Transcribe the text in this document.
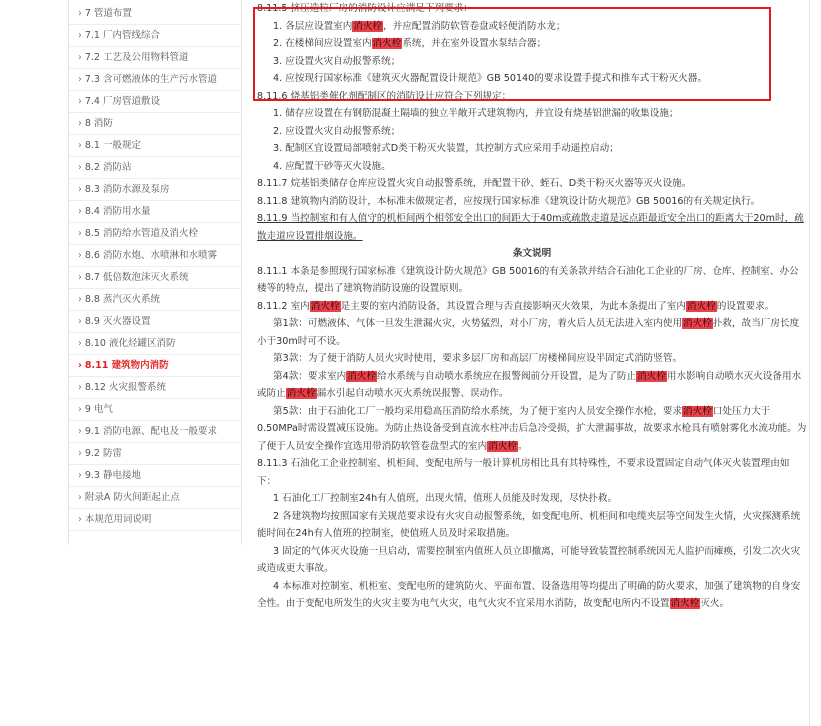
› 7 管道布置
› 7.1 厂内管线综合
› 7.2 工艺及公用物料管道
› 7.3 含可燃液体的生产污水管道
› 7.4 厂房管道敷设
› 8 消防
› 8.1 一般规定
› 8.2 消防站
› 8.3 消防水源及泵房
› 8.4 消防用水量
› 8.5 消防给水管道及消火栓
› 8.6 消防水炮、水喷淋和水喷雾
› 8.7 低倍数泡沫灭火系统
› 8.8 蒸汽灭火系统
› 8.9 灭火器设置
› 8.10 液化烃罐区消防
› 8.11 建筑物内消防
› 8.12 火灾报警系统
› 9 电气
› 9.1 消防电源、配电及一般要求
› 9.2 防雷
› 9.3 静电接地
› 附录A 防火间距起止点
› 本规范用词说明

8.11.5 挤压造粒厂房的消防设计应满足下列要求：

1. 各层应设置室内消火栓，并应配置消防软管卷盘或轻便消防水龙；

2. 在楼梯间应设置室内消火栓系统，并在室外设置水泵结合器；

3. 应设置火灾自动报警系统；

4. 应按现行国家标准《建筑灭火器配置设计规范》GB 50140的要求设置手提式和推车式干粉灭火器。

8.11.6 烧基铝类催化剂配制区的消防设计应符合下列规定：

1. 储存应设置在有钢筋混凝土隔墙的独立半敞开式建筑物内，并宜设有烧基铝泄漏的收集设施；

2. 应设置火灾自动报警系统；

3. 配制区宜设置局部喷射式D类干粉灭火装置，其控制方式应采用手动遥控启动；

4. 应配置干砂等灭火设施。

8.11.7 烷基铝类储存仓库应设置火灾自动报警系统，并配置干砂、蛭石、D类干粉灭火器等灭火设施。

8.11.8 建筑物内消防设计，本标准未做规定者，应按现行国家标准《建筑设计防火规范》GB 50016的有关规定执行。

8.11.9 当控制室和有人值守的机柜间两个相邻安全出口的间距大于40m或疏散走道是远点距最近安全出口的距离大于20m时，疏散走道应设置排烟设施。

条文说明

8.11.1 本条是参照现行国家标准《建筑设计防火规范》GB 50016的有关条款并结合石油化工企业的厂房、仓库、控制室、办公楼等的特点，提出了建筑物消防设施的设置原则。

8.11.2 室内消火栓是主要的室内消防设备，其设置合理与否直接影响灭火效果，为此本条提出了室内消火栓的设置要求。

第1款：可燃液体、气体一旦发生泄漏火灾，火势猛烈，对小厂房，着火后人员无法进入室内使用消火栓扑救，故当厂房长度小于30m时可不设。

第3款：为了便于消防人员火灾时使用，要求多层厂房和高层厂房楼梯间应设半固定式消防竖管。

第4款：要求室内消火栓给水系统与自动喷水系统应在报警阀前分开设置，是为了防止消火栓用水影响自动喷水灭火设备用水或防止消火栓漏水引起自动喷水灭火系统误报警、误动作。

第5款：由于石油化工厂一般均采用稳高压消防给水系统，为了便于室内人员安全操作水枪，要求消火栓口处压力大于0.50MPa时需设置减压设施。为防止热设备受到直流水柱冲击后急冷受损，扩大泄漏事故，故要求水枪具有喷射雾化水流功能。为了便于人员安全操作宜选用带消防软管卷盘型式的室内消火栓。

8.11.3 石油化工企业控制室、机柜间、变配电所与一般计算机房相比具有其特殊性，不要求设置固定自动气体灭火装置理由如下：

1 石油化工厂控制室24h有人值班，出现火情，值班人员能及时发现，尽快扑救。

2 各建筑物均按照国家有关规范要求设有火灾自动报警系统，如变配电所、机柜间和电缆夹层等空间发生火情，火灾探测系统能时间在24h有人值班的控制室，使值班人员及时采取措施。

3 固定的气体灭火设施一旦启动，需要控制室内值班人员立即撤离，可能导致装置控制系统因无人监护而瘫痪，引发二次火灾或造成更大事故。

4 本标准对控制室、机柜室、变配电所的建筑防火、平面布置、设备选用等均提出了明确的防火要求，加强了建筑物的自身安全性。由于变配电所发生的火灾主要为电气火灾，电气火灾不宜采用水消防，故变配电所内不设置消火栓灭火。
